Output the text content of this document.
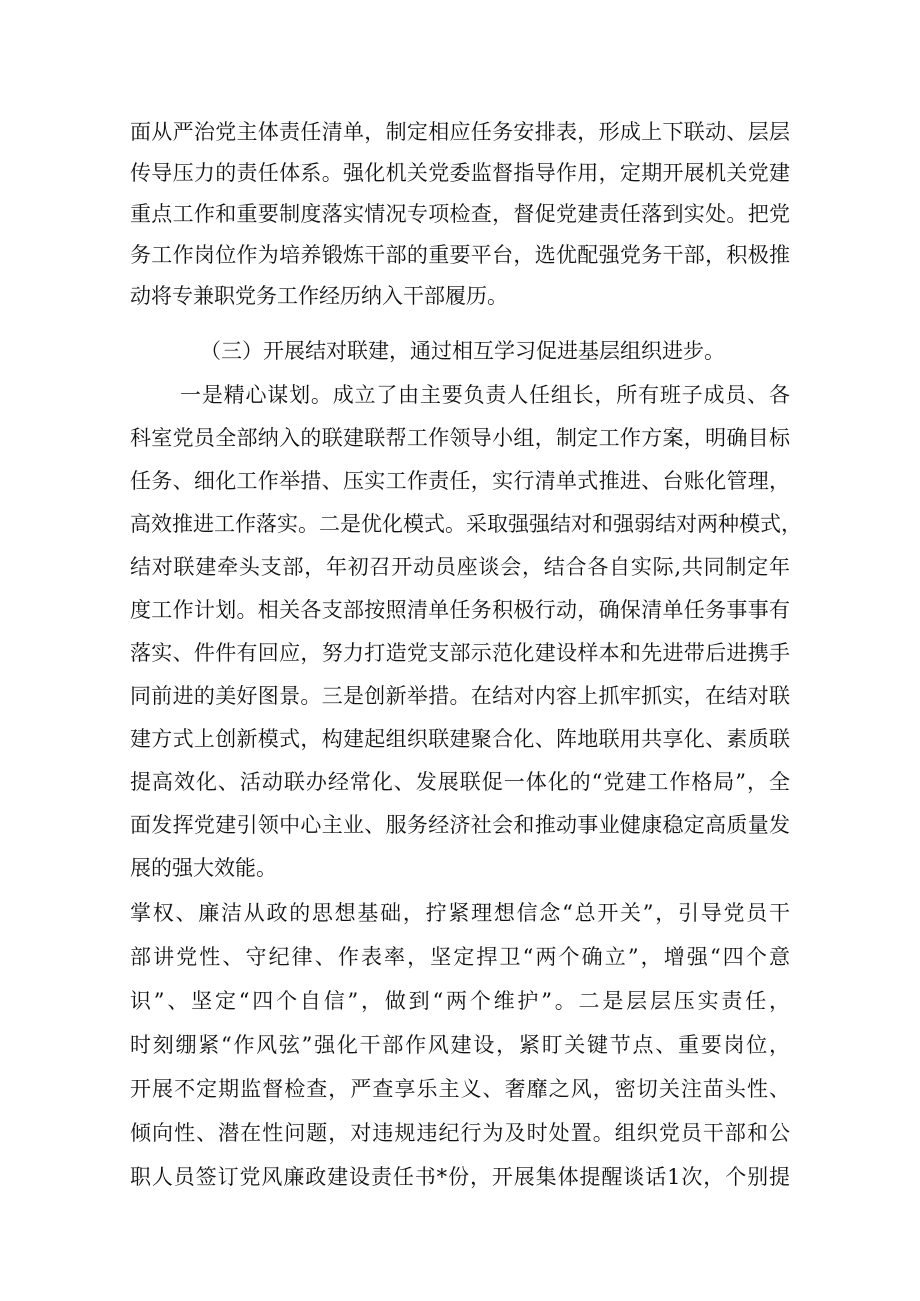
面从严治党主体责任清单，制定相应任务安排表，形成上下联动、层层

传导压力的责任体系。强化机关党委监督指导作用，定期开展机关党建

重点工作和重要制度落实情况专项检查，督促党建责任落到实处。把党

务工作岗位作为培养锻炼干部的重要平台，选优配强党务干部，积极推

动将专兼职党务工作经历纳入干部履历。

（三）开展结对联建，通过相互学习促进基层组织进步。

一是精心谋划。成立了由主要负责人任组长，所有班子成员、各

科室党员全部纳入的联建联帮工作领导小组，制定工作方案，明确目标

任务、细化工作举措、压实工作责任，实行清单式推进、台账化管理，

高效推进工作落实。二是优化模式。采取强强结对和强弱结对两种模式，

结对联建牵头支部，年初召开动员座谈会，结合各自实际,共同制定年

度工作计划。相关各支部按照清单任务积极行动，确保清单任务事事有

落实、件件有回应，努力打造党支部示范化建设样本和先进带后进携手

同前进的美好图景。三是创新举措。在结对内容上抓牢抓实，在结对联

建方式上创新模式，构建起组织联建聚合化、阵地联用共享化、素质联

提高效化、活动联办经常化、发展联促一体化的“党建工作格局”，全

面发挥党建引领中心主业、服务经济社会和推动事业健康稳定高质量发

展的强大效能。

掌权、廉洁从政的思想基础，拧紧理想信念“总开关”，引导党员干

部讲党性、守纪律、作表率，坚定捍卫“两个确立”，增强“四个意

识”、坚定“四个自信”，做到“两个维护”。二是层层压实责任，

时刻绷紧“作风弦”强化干部作风建设，紧盯关键节点、重要岗位，

开展不定期监督检查，严查享乐主义、奢靡之风，密切关注苗头性、

倾向性、潜在性问题，对违规违纪行为及时处置。组织党员干部和公

职人员签订党风廉政建设责任书*份，开展集体提醒谈话1次，个别提
